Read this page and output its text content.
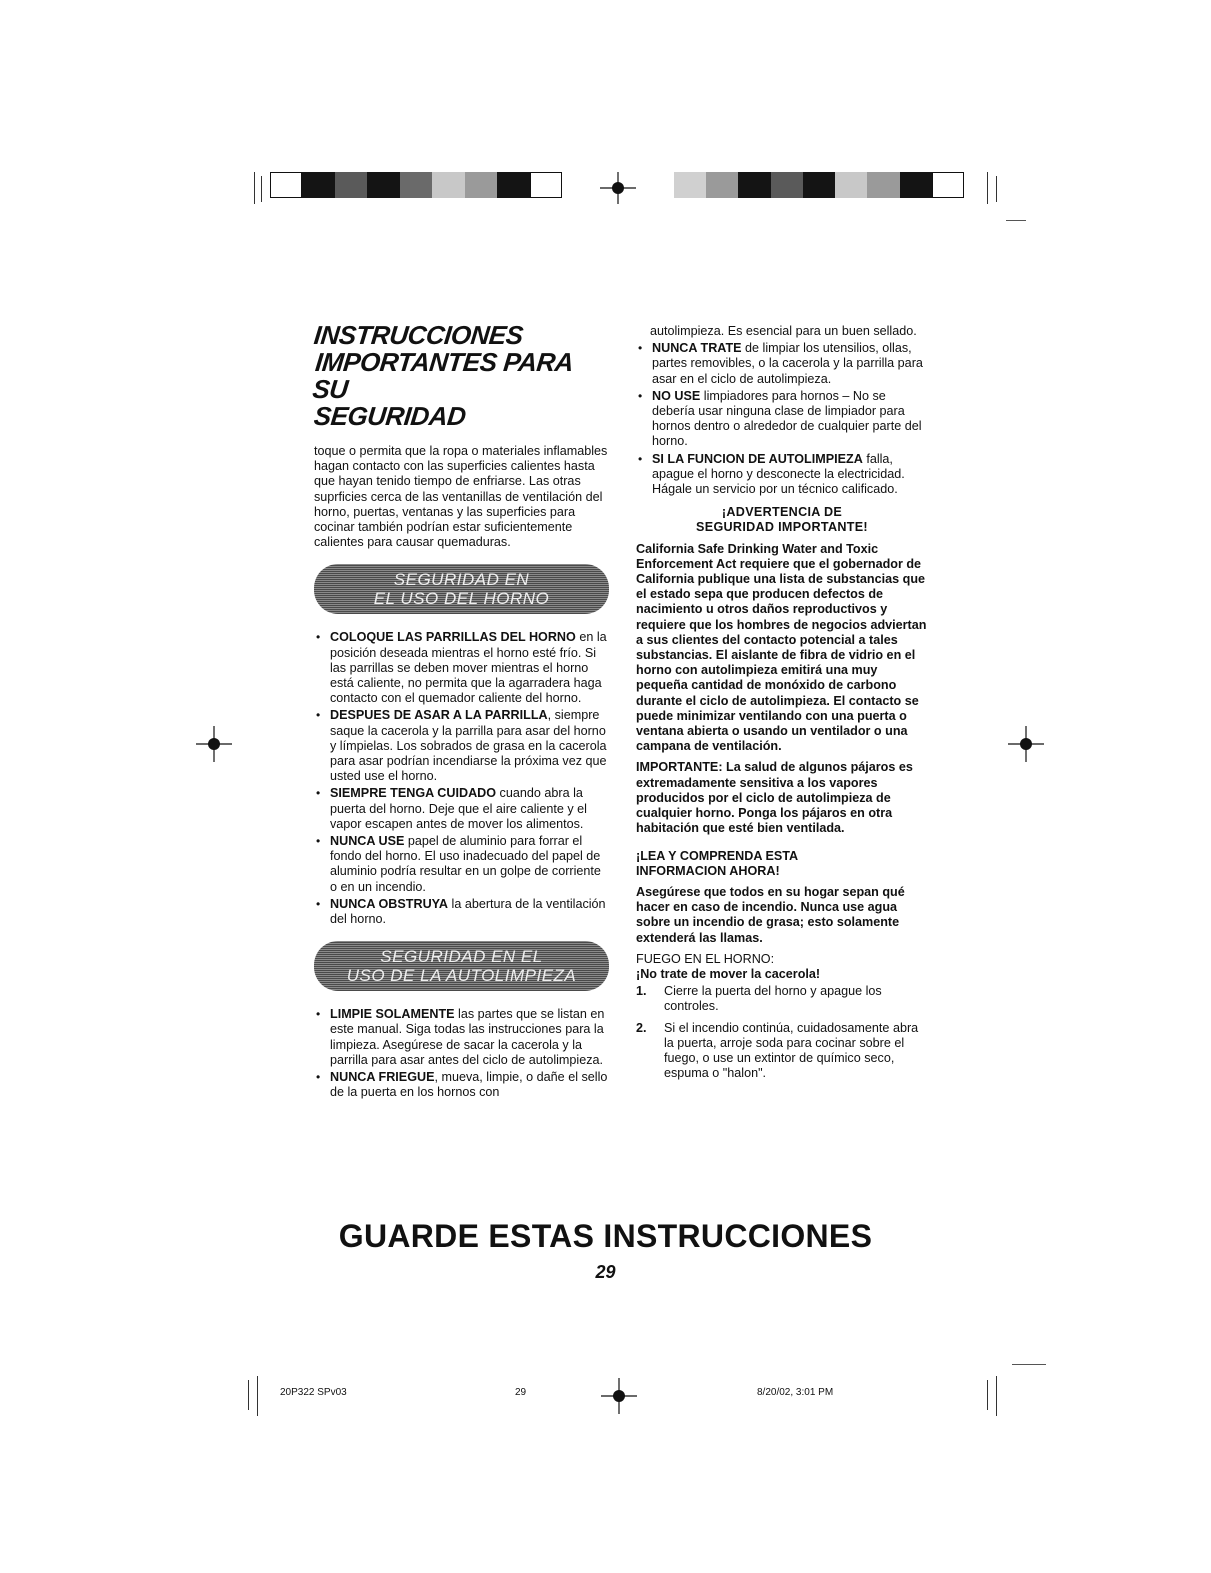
INSTRUCCIONES

IMPORTANTES PARA SU

SEGURIDAD

toque o permita que la ropa o materiales inflamables hagan contacto con las superficies calientes hasta que hayan tenido tiempo de enfriarse. Las otras suprficies cerca de las ventanillas de ventilación del horno, puertas, ventanas y las superficies para cocinar también podrían estar suficientemente calientes para causar quemaduras.

SEGURIDAD EN
EL USO DEL HORNO
• COLOQUE LAS PARRILLAS DEL HORNO en la posición deseada mientras el horno esté frío. Si las parrillas se deben mover mientras el horno está caliente, no permita que la agarradera haga contacto con el quemador caliente del horno.
• DESPUES DE ASAR A LA PARRILLA, siempre saque la cacerola y la parrilla para asar del horno y límpielas. Los sobrados de grasa en la cacerola para asar podrían incendiarse la próxima vez que usted use el horno.
• SIEMPRE TENGA CUIDADO cuando abra la puerta del horno. Deje que el aire caliente y el vapor escapen antes de mover los alimentos.
• NUNCA USE papel de aluminio para forrar el fondo del horno. El uso inadecuado del papel de aluminio podría resultar en un golpe de corriente o en un incendio.
• NUNCA OBSTRUYA la abertura de la ventilación del horno.
SEGURIDAD EN EL
USO DE LA AUTOLIMPIEZA
• LIMPIE SOLAMENTE las partes que se listan en este manual. Siga todas las instrucciones para la limpieza. Asegúrese de sacar la cacerola y la parrilla para asar antes del ciclo de autolimpieza.
• NUNCA FRIEGUE, mueva, limpie, o dañe el sello de la puerta en los hornos con

autolimpieza. Es esencial para un buen sellado.

• NUNCA TRATE de limpiar los utensilios, ollas, partes removibles, o la cacerola y la parrilla para asar en el ciclo de autolimpieza.
• NO USE limpiadores para hornos – No se debería usar ninguna clase de limpiador para hornos dentro o alrededor de cualquier parte del horno.
• SI LA FUNCION DE AUTOLIMPIEZA falla, apague el horno y desconecte la electricidad. Hágale un servicio por un técnico calificado.
¡ADVERTENCIA DE
SEGURIDAD IMPORTANTE!

California Safe Drinking Water and Toxic Enforcement Act requiere que el gobernador de California publique una lista de substancias que el estado sepa que producen defectos de nacimiento u otros daños reproductivos y requiere que los hombres de negocios adviertan a sus clientes del contacto potencial a tales substancias. El aislante de fibra de vidrio en el horno con autolimpieza emitirá una muy pequeña cantidad de monóxido de carbono durante el ciclo de autolimpieza. El contacto se puede minimizar ventilando con una puerta o ventana abierta o usando un ventilador o una campana de ventilación.

IMPORTANTE: La salud de algunos pájaros es extremadamente sensitiva a los vapores producidos por el ciclo de autolimpieza de cualquier horno. Ponga los pájaros en otra habitación que esté bien ventilada.

¡LEA Y COMPRENDA ESTA
INFORMACION AHORA!

Asegúrese que todos en su hogar sepan qué hacer en caso de incendio. Nunca use agua sobre un incendio de grasa; esto solamente extenderá las llamas.

FUEGO EN EL HORNO:

¡No trate de mover la cacerola!

1. Cierre la puerta del horno y apague los controles.
2. Si el incendio continúa, cuidadosamente abra la puerta, arroje soda para cocinar sobre el fuego, o use un extintor de químico seco, espuma o "halon".
GUARDE ESTAS INSTRUCCIONES
29
20P322 SPv03	29	8/20/02, 3:01 PM
